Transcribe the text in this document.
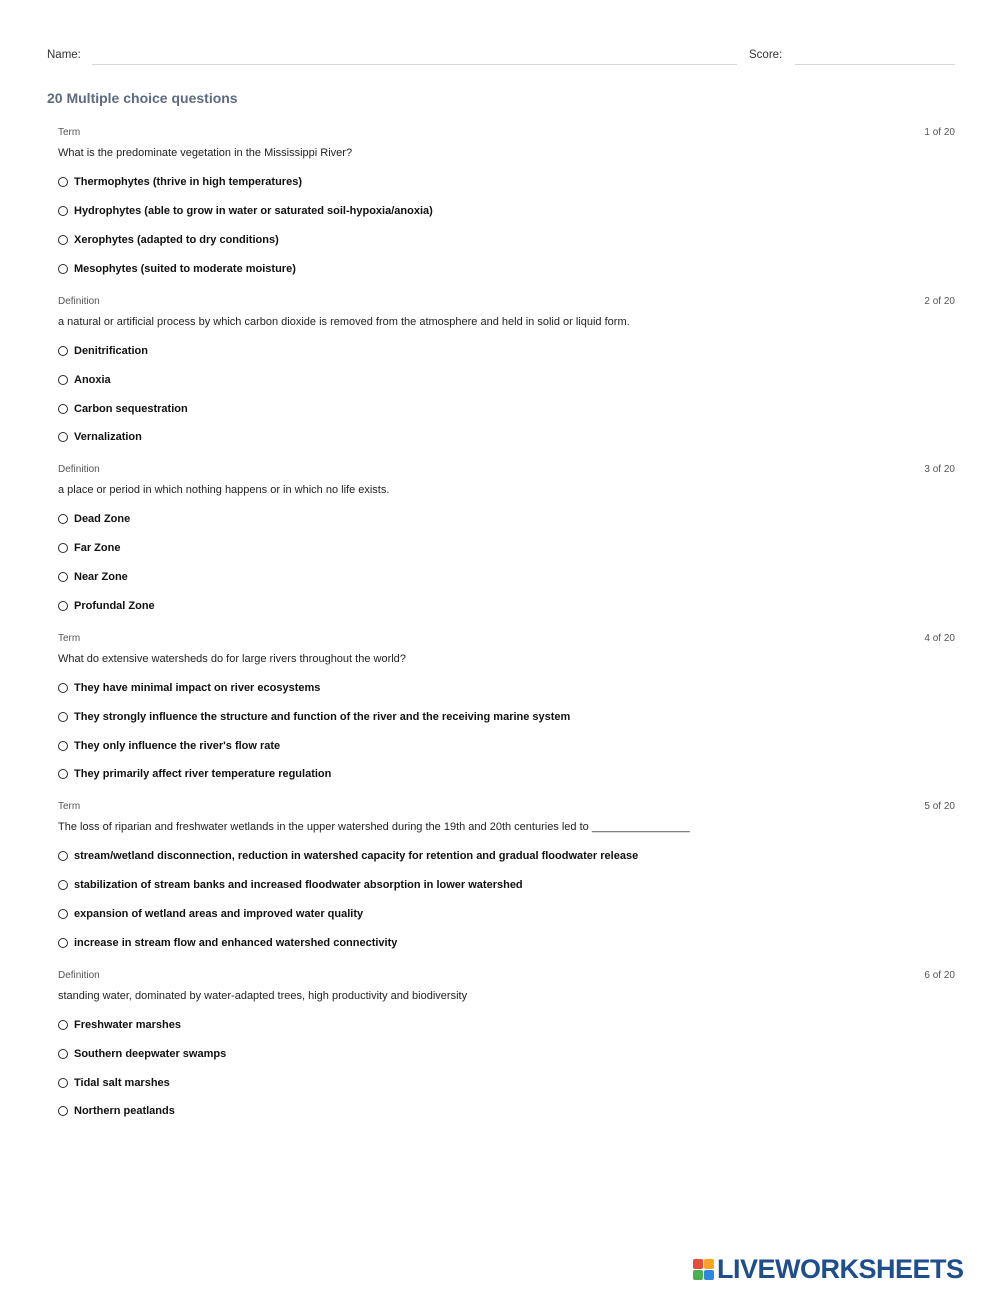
Name:	Score:
20 Multiple choice questions
Term	1 of 20
What is the predominate vegetation in the Mississippi River?
Thermophytes (thrive in high temperatures)
Hydrophytes (able to grow in water or saturated soil-hypoxia/anoxia)
Xerophytes (adapted to dry conditions)
Mesophytes (suited to moderate moisture)
Definition	2 of 20
a natural or artificial process by which carbon dioxide is removed from the atmosphere and held in solid or liquid form.
Denitrification
Anoxia
Carbon sequestration
Vernalization
Definition	3 of 20
a place or period in which nothing happens or in which no life exists.
Dead Zone
Far Zone
Near Zone
Profundal Zone
Term	4 of 20
What do extensive watersheds do for large rivers throughout the world?
They have minimal impact on river ecosystems
They strongly influence the structure and function of the river and the receiving marine system
They only influence the river's flow rate
They primarily affect river temperature regulation
Term	5 of 20
The loss of riparian and freshwater wetlands in the upper watershed during the 19th and 20th centuries led to ________________
stream/wetland disconnection, reduction in watershed capacity for retention and gradual floodwater release
stabilization of stream banks and increased floodwater absorption in lower watershed
expansion of wetland areas and improved water quality
increase in stream flow and enhanced watershed connectivity
Definition	6 of 20
standing water, dominated by water-adapted trees, high productivity and biodiversity
Freshwater marshes
Southern deepwater swamps
Tidal salt marshes
Northern peatlands
LIVEWORKSHEETS
